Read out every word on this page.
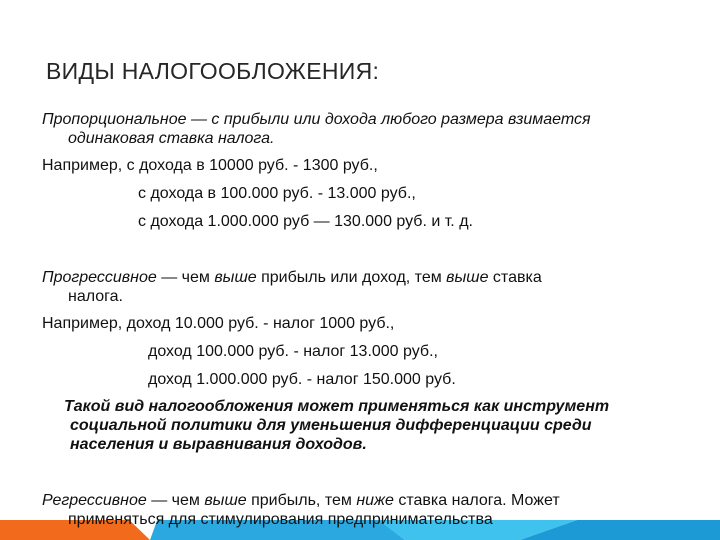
ВИДЫ НАЛОГООБЛОЖЕНИЯ:
Пропорциональное — с прибыли или дохода любого размера взимается
одинаковая ставка налога.
Например, с дохода в 10000 руб. - 1300 руб.,
с дохода в 100.000 руб. - 13.000 руб.,
с дохода 1.000.000 руб — 130.000 руб. и т. д.
Прогрессивное — чем выше прибыль или доход, тем выше ставка
налога.
Например, доход 10.000 руб. - налог 1000 руб.,
доход 100.000 руб. - налог 13.000 руб.,
доход 1.000.000 руб. - налог 150.000 руб.
Такой вид налогообложения может применяться как инструмент
социальной политики для уменьшения дифференциации среди
населения и выравнивания доходов.
Регрессивное — чем выше прибыль, тем ниже ставка налога. Может
применяться для стимулирования предпринимательства
